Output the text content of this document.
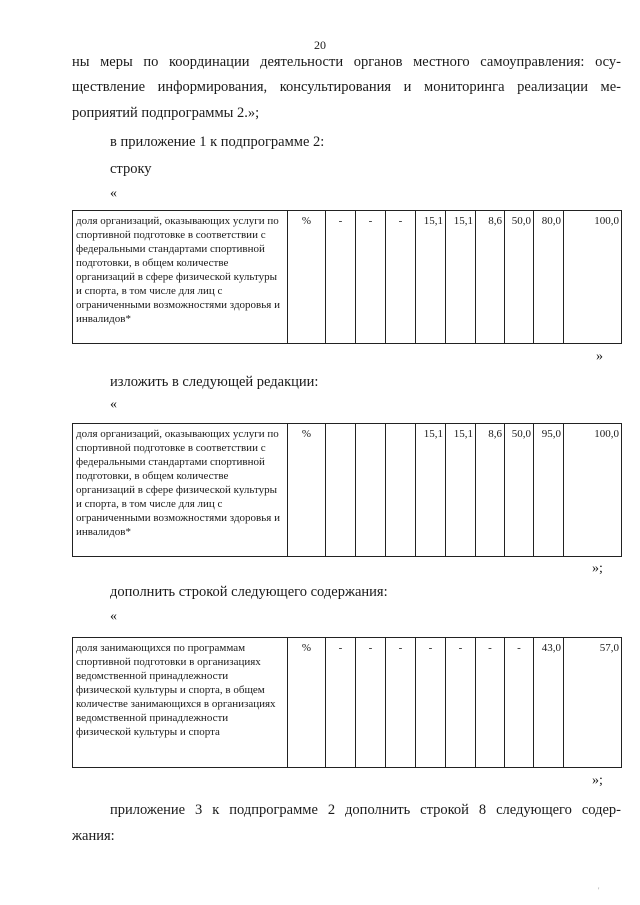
20
ны меры по координации деятельности органов местного самоуправления: осу-
ществление информирования, консультирования и мониторинга реализации ме-
роприятий подпрограммы 2.»;
в приложение 1 к подпрограмме 2:
строку
«
доля организаций, оказывающих услуги по спортивной подготовке в соответствии с федеральными стандартами спортивной подготовки, в общем количестве организаций в сфере физической культуры и спорта, в том числе для лиц с ограниченными возможностями здоровья и инвалидов*	%	-	-	-	15,1	15,1	8,6	50,0	80,0	100,0
»
изложить в следующей редакции:
«
доля организаций, оказывающих услуги по спортивной подготовке в соответствии с федеральными стандартами спортивной подготовки, в общем количестве организаций в сфере физической культуры и спорта, в том числе для лиц с ограниченными возможностями здоровья и инвалидов*	%				15,1	15,1	8,6	50,0	95,0	100,0
»;
дополнить строкой следующего содержания:
«
доля занимающихся по программам спортивной подготовки в организациях ведомственной принадлежности физической культуры и спорта, в общем количестве занимающихся в организациях ведомственной принадлежности физической культуры и спорта	%	-	-	-	-	-	-	-	43,0	57,0
»;
приложение 3 к подпрограмме 2 дополнить строкой 8 следующего содер-
жания:
'
